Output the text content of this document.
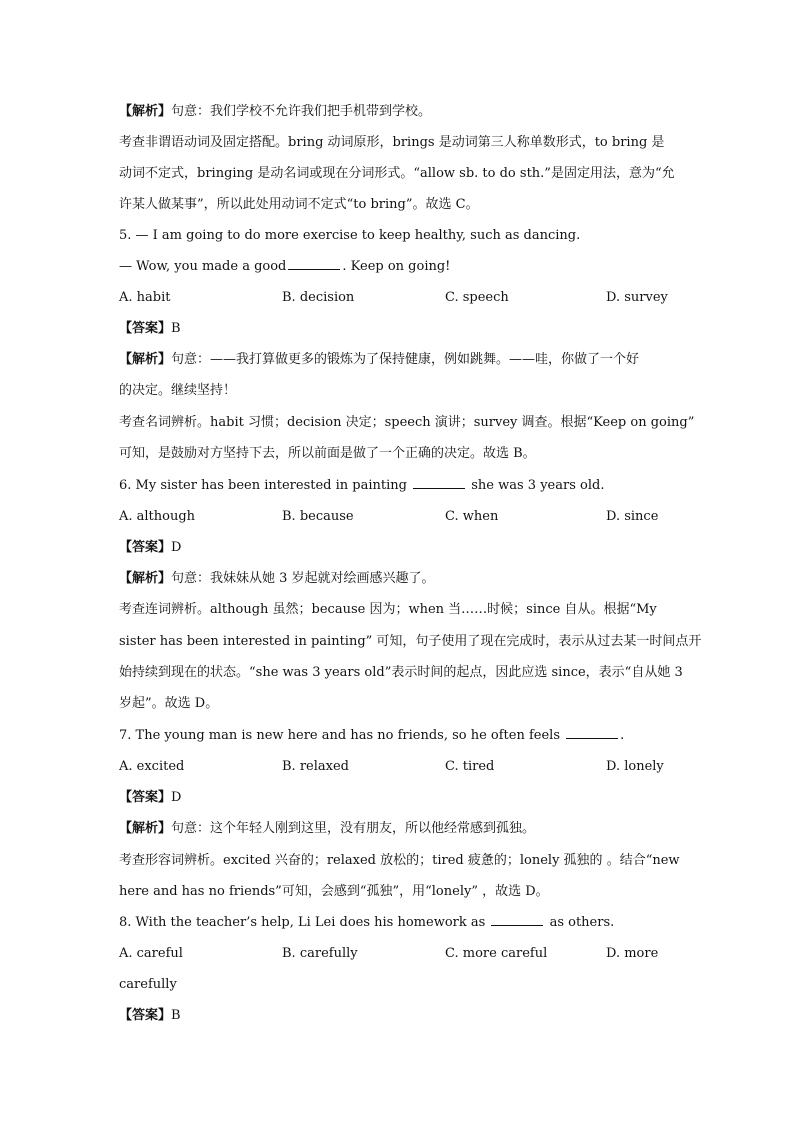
【解析】句意：我们学校不允许我们把手机带到学校。
考查非谓语动词及固定搭配。bring 动词原形，brings 是动词第三人称单数形式，to bring 是
动词不定式，bringing 是动名词或现在分词形式。“allow sb. to do sth.”是固定用法，意为“允
许某人做某事”，所以此处用动词不定式“to bring”。故选 C。
5. — I am going to do more exercise to keep healthy, such as dancing.
— Wow, you made a good	. Keep on going!
A. habit	B. decision	C. speech	D. survey
【答案】B
【解析】句意：——我打算做更多的锻炼为了保持健康，例如跳舞。——哇，你做了一个好
的决定。继续坚持！
考查名词辨析。habit 习惯；decision 决定；speech 演讲；survey 调查。根据“Keep on going”
可知，是鼓励对方坚持下去，所以前面是做了一个正确的决定。故选 B。
6. My sister has been interested in painting	she was 3 years old.
A. although	B. because	C. when	D. since
【答案】D
【解析】句意：我妹妹从她 3 岁起就对绘画感兴趣了。
考查连词辨析。although 虽然；because 因为；when 当……时候；since 自从。根据“My
sister has been interested in painting” 可知，句子使用了现在完成时，表示从过去某一时间点开
始持续到现在的状态。“she was 3 years old”表示时间的起点，因此应选 since，表示“自从她 3
岁起”。故选 D。
7. The young man is new here and has no friends, so he often feels	.
A. excited	B. relaxed	C. tired	D. lonely
【答案】D
【解析】句意：这个年轻人刚到这里，没有朋友，所以他经常感到孤独。
考查形容词辨析。excited 兴奋的；relaxed 放松的；tired 疲惫的；lonely 孤独的 。结合“new
here and has no friends”可知，会感到“孤独”，用“lonely” ，故选 D。
8. With the teacher’s help, Li Lei does his homework as	as others.
A. careful	B. carefully	C. more careful	D. more
carefully
【答案】B
